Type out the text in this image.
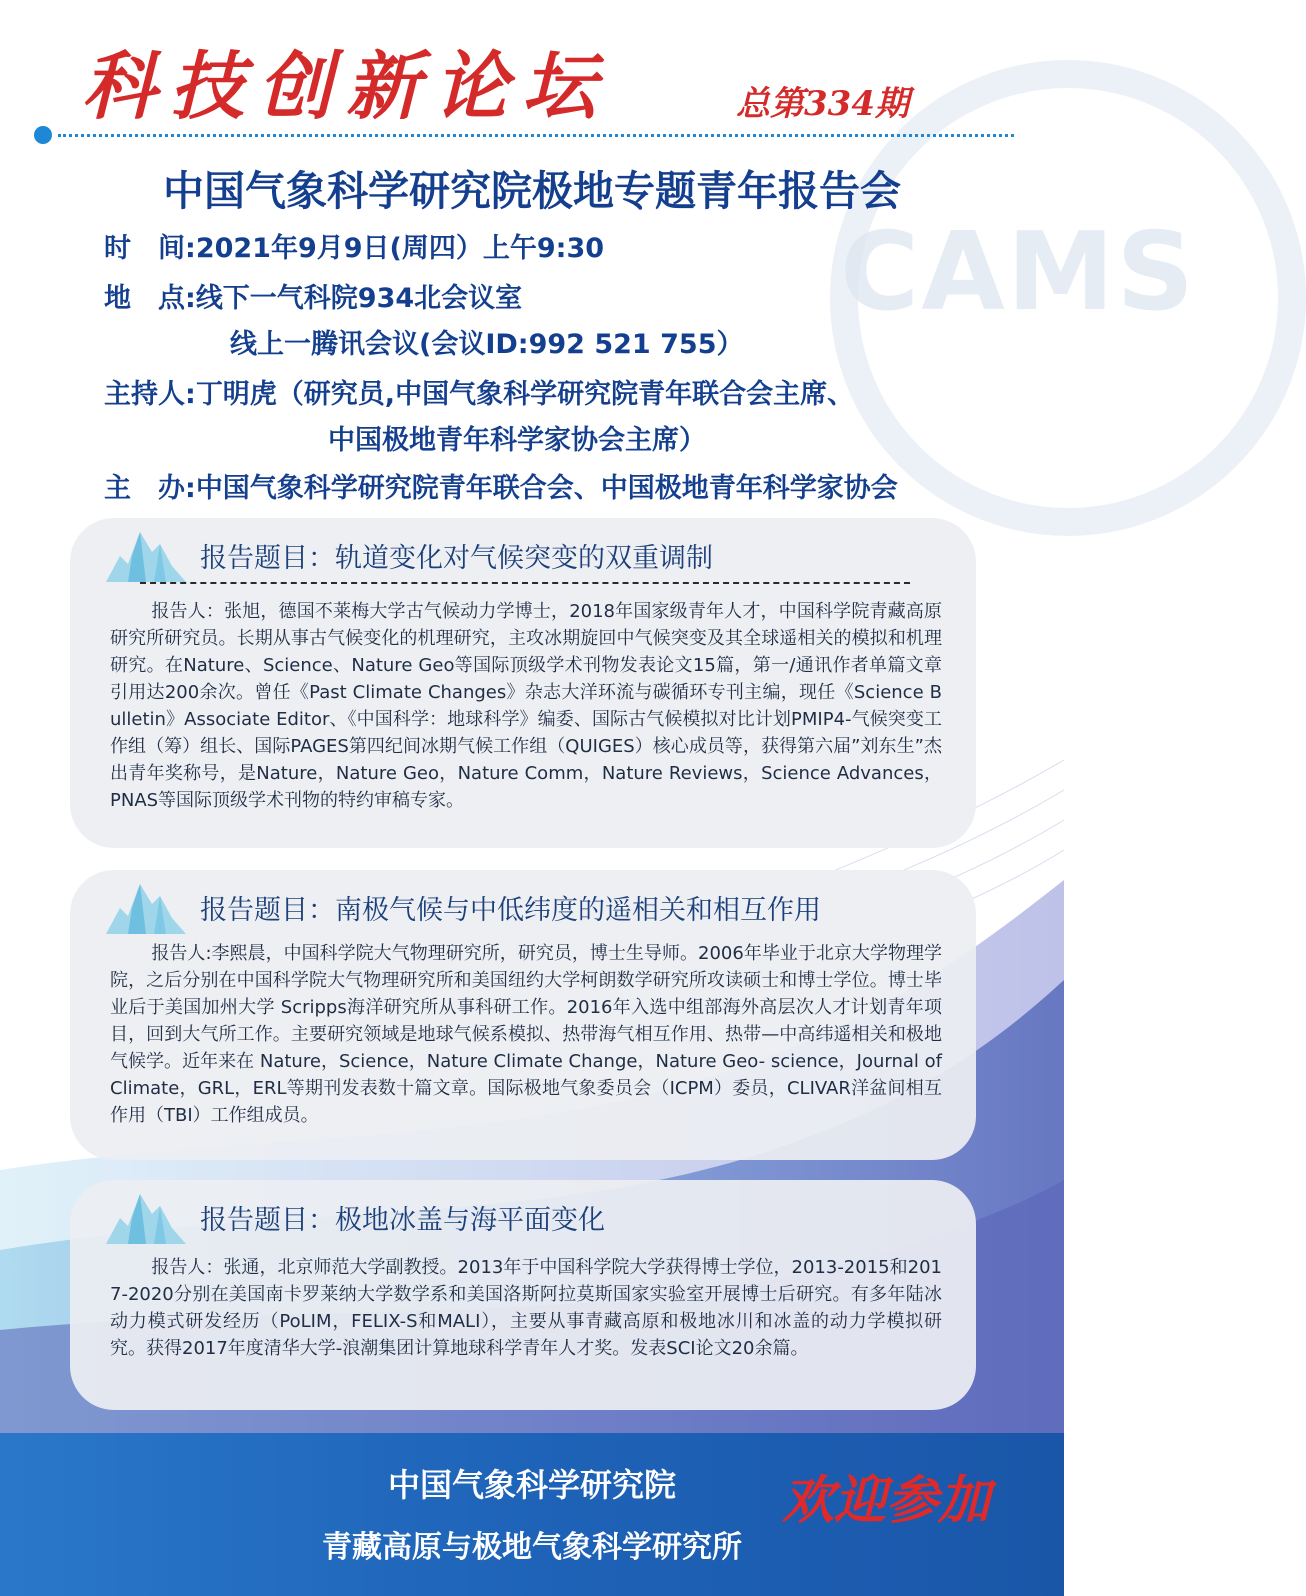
CAMS
科技创新论坛	总第334期
中国气象科学研究院极地专题青年报告会
时　间:2021年9月9日(周四）上午9:30
地　点:线下一气科院934北会议室
线上一腾讯会议(会议ID:992 521 755）
主持人:丁明虎（研究员,中国气象科学研究院青年联合会主席、
中国极地青年科学家协会主席）
主　办:中国气象科学研究院青年联合会、中国极地青年科学家协会
报告题目：轨道变化对气候突变的双重调制
报告人：张旭，德国不莱梅大学古气候动力学博士，2018年国家级青年人才，中国科学院青藏高原研究所研究员。长期从事古气候变化的机理研究，主攻冰期旋回中气候突变及其全球遥相关的模拟和机理研究。在Nature、Science、Nature Geo等国际顶级学术刊物发表论文15篇，第一/通讯作者单篇文章引用达200余次。曾任《Past Climate Changes》杂志大洋环流与碳循环专刊主编，现任《Science Bulletin》Associate Editor、《中国科学：地球科学》编委、国际古气候模拟对比计划PMIP4-气候突变工作组（筹）组长、国际PAGES第四纪间冰期气候工作组（QUIGES）核心成员等，获得第六届”刘东生”杰出青年奖称号，是Nature，Nature Geo，Nature Comm，Nature Reviews，Science Advances，PNAS等国际顶级学术刊物的特约审稿专家。
报告题目：南极气候与中低纬度的遥相关和相互作用
报告人:李熙晨，中国科学院大气物理研究所，研究员，博士生导师。2006年毕业于北京大学物理学院，之后分别在中国科学院大气物理研究所和美国纽约大学柯朗数学研究所攻读硕士和博士学位。博士毕业后于美国加州大学 Scripps海洋研究所从事科研工作。2016年入选中组部海外高层次人才计划青年项目，回到大气所工作。主要研究领域是地球气候系模拟、热带海气相互作用、热带—中高纬遥相关和极地气候学。近年来在 Nature，Science，Nature Climate Change，Nature Geo- science，Journal of Climate，GRL，ERL等期刊发表数十篇文章。国际极地气象委员会（ICPM）委员，CLIVAR洋盆间相互作用（TBI）工作组成员。
报告题目：极地冰盖与海平面变化
报告人：张通，北京师范大学副教授。2013年于中国科学院大学获得博士学位，2013-2015和2017-2020分别在美国南卡罗莱纳大学数学系和美国洛斯阿拉莫斯国家实验室开展博士后研究。有多年陆冰动力模式研发经历（PoLIM，FELIX-S和MALI），主要从事青藏高原和极地冰川和冰盖的动力学模拟研究。获得2017年度清华大学-浪潮集团计算地球科学青年人才奖。发表SCI论文20余篇。
中国气象科学研究院
青藏高原与极地气象科学研究所
欢迎参加
